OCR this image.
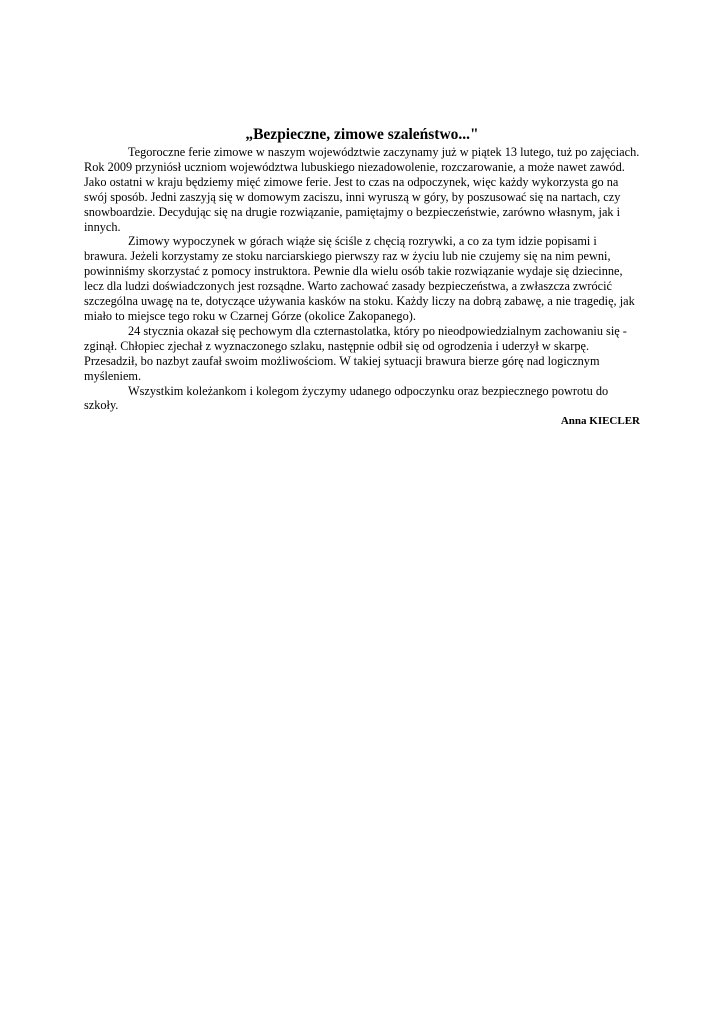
„Bezpieczne, zimowe szaleństwo..."

Tegoroczne ferie zimowe w naszym województwie zaczynamy już w piątek 13 lutego, tuż po zajęciach. Rok 2009 przyniósł uczniom województwa lubuskiego niezadowolenie, rozczarowanie, a może nawet zawód. Jako ostatni w kraju będziemy mięć zimowe ferie. Jest to czas na odpoczynek, więc każdy wykorzysta go na swój sposób. Jedni zaszyją się w domowym zaciszu, inni wyruszą w góry, by poszusować się na nartach, czy snowboardzie. Decydując się na drugie rozwiązanie, pamiętajmy o bezpieczeństwie, zarówno własnym, jak i innych.

Zimowy wypoczynek w górach wiąże się ściśle z chęcią rozrywki, a co za tym idzie popisami i brawura. Jeżeli korzystamy ze stoku narciarskiego pierwszy raz w życiu lub nie czujemy się na nim pewni, powinniśmy skorzystać z pomocy instruktora. Pewnie dla wielu osób takie rozwiązanie wydaje się dziecinne, lecz dla ludzi doświadczonych jest rozsądne. Warto zachować zasady bezpieczeństwa, a zwłaszcza zwrócić szczególna uwagę na te, dotyczące używania kasków na stoku. Każdy liczy na dobrą zabawę, a nie tragedię, jak miało to miejsce tego roku w Czarnej Górze (okolice Zakopanego).

24 stycznia okazał się pechowym dla czternastolatka, który po nieodpowiedzialnym zachowaniu się - zginął. Chłopiec zjechał z wyznaczonego szlaku, następnie odbił się od ogrodzenia i uderzył w skarpę. Przesadził, bo nazbyt zaufał swoim możliwościom. W takiej sytuacji brawura bierze górę nad logicznym myśleniem.

Wszystkim koleżankom i kolegom życzymy udanego odpoczynku oraz bezpiecznego powrotu do szkoły.

Anna KIECLER
